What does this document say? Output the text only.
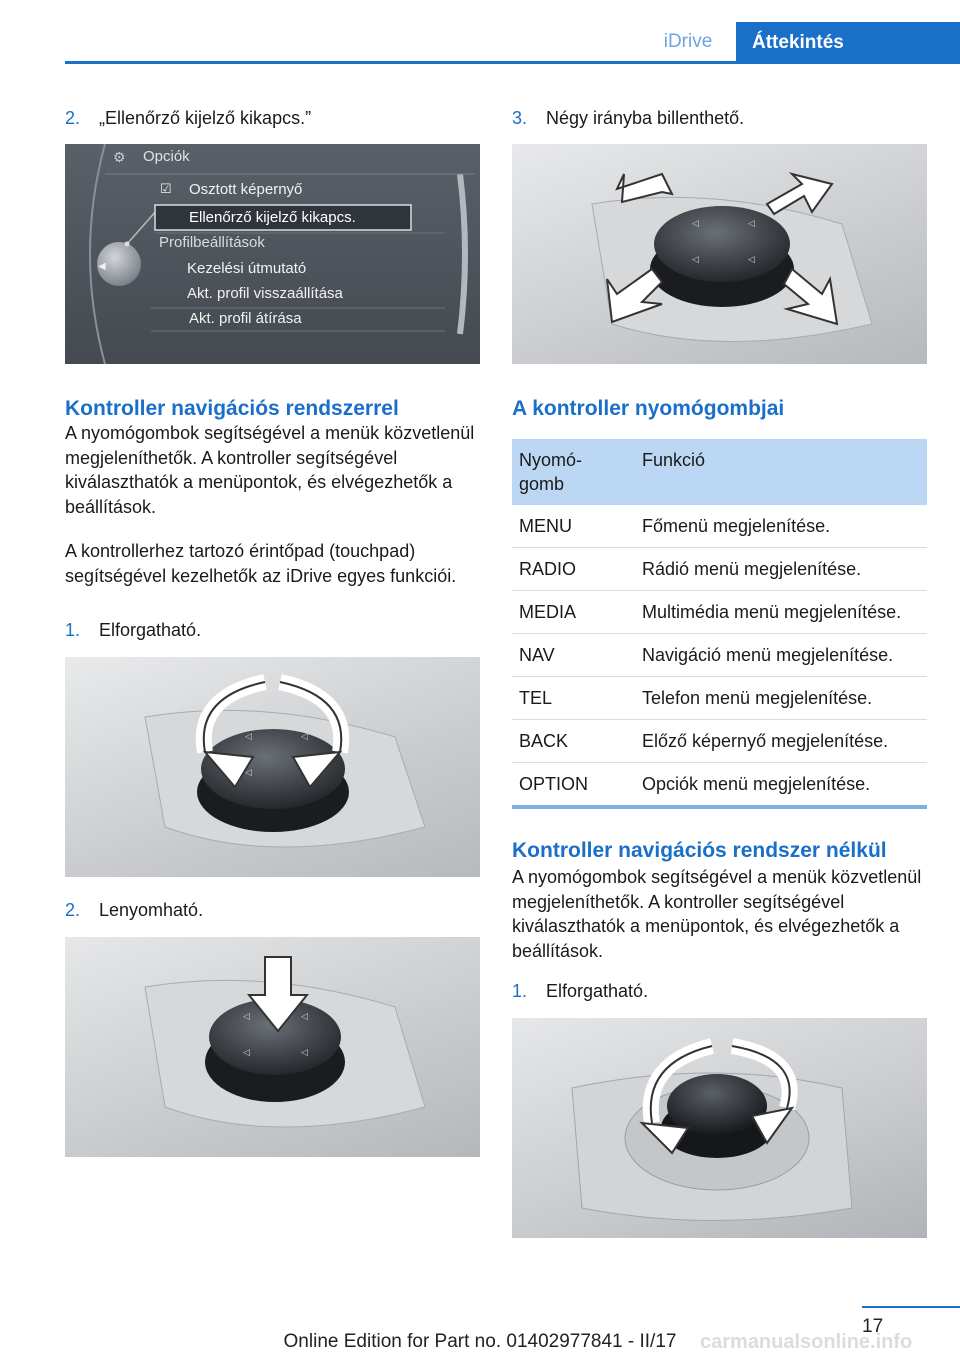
iDrive	Áttekintés
2. „Ellenőrző kijelző kikapcs.”
◀
⚙ Opciók
☑ Osztott képernyő
Ellenőrző kijelző kikapcs.
Profilbeállítások
Kezelési útmutató
Akt. profil visszaállítása
Akt. profil átírása
Kontroller navigációs rendszerrel
A nyomógombok segítségével a menük közvetlenül megjeleníthetők. A kontroller segítségével kiválaszthatók a menüpontok, és elvégezhetők a beállítások.
A kontrollerhez tartozó érintőpad (touchpad) segítségével kezelhetők az iDrive egyes funkciói.
1. Elforgatható.
◁	◁
◁
2. Lenyomható.
◁	◁
◁	◁
3. Négy irányba billenthető.
◁	◁
◁	◁
A kontroller nyomógombjai
Nyomó-
gomb	Funkció
MENU	Főmenü megjelenítése.
RADIO	Rádió menü megjelenítése.
MEDIA	Multimédia menü megjelenítése.
NAV	Navigáció menü megjelenítése.
TEL	Telefon menü megjelenítése.
BACK	Előző képernyő megjelenítése.
OPTION	Opciók menü megjelenítése.
Kontroller navigációs rendszer nélkül
A nyomógombok segítségével a menük közvetlenül megjeleníthetők. A kontroller segítségével kiválaszthatók a menüpontok, és elvégezhetők a beállítások.
1. Elforgatható.
17
carmanualsonline.info
Online Edition for Part no. 01402977841 - II/17
